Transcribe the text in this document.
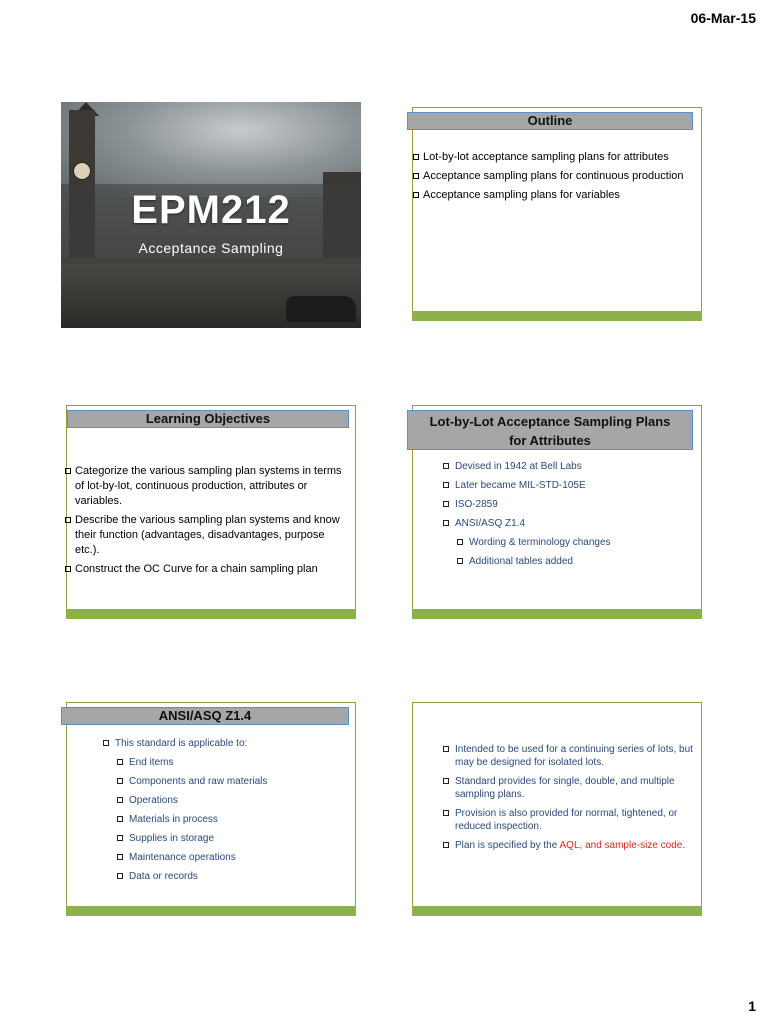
06-Mar-15
EPM212
Acceptance Sampling
Outline
Lot-by-lot acceptance sampling plans for attributes
Acceptance sampling plans for continuous production
Acceptance sampling plans for variables
Learning Objectives
Categorize the various sampling plan systems in terms of lot-by-lot, continuous production, attributes or variables.
Describe the various sampling plan systems and know their function (advantages, disadvantages, purpose etc.).
Construct the OC Curve for a chain sampling plan
Lot-by-Lot Acceptance Sampling Plans
for Attributes
Devised in 1942 at Bell Labs
Later became MIL-STD-105E
ISO-2859
ANSI/ASQ Z1.4
Wording & terminology changes
Additional tables added
ANSI/ASQ Z1.4
This standard is applicable to:
End items
Components and raw materials
Operations
Materials in process
Supplies in storage
Maintenance operations
Data or records
Intended to be used for a continuing series of lots, but may be designed for isolated lots.
Standard provides for single, double, and multiple sampling plans.
Provision is also provided for normal, tightened, or reduced inspection.
Plan is specified by the AQL, and sample-size code.
1
